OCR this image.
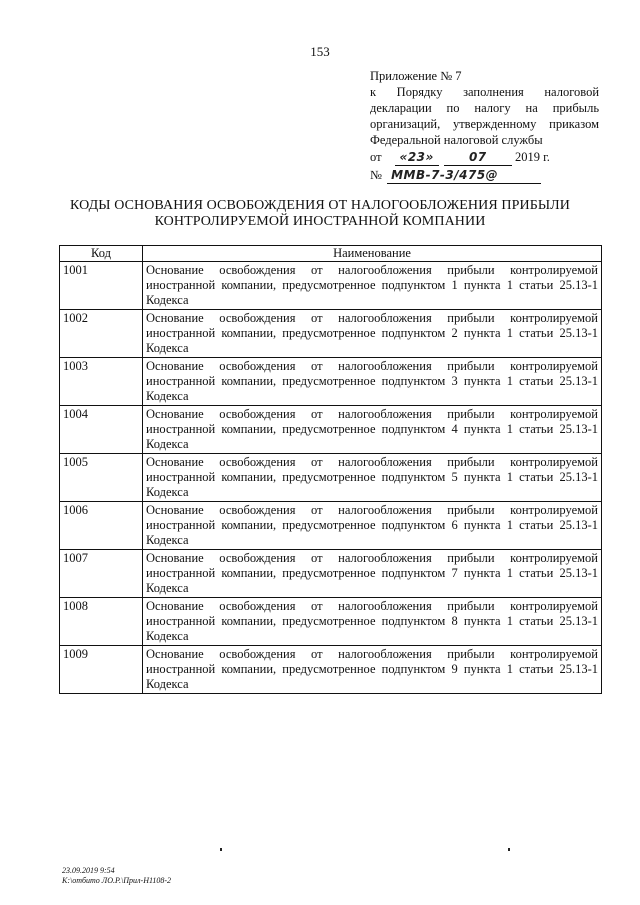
153
Приложение № 7
к Порядку заполнения налоговой
декларации по налогу на прибыль
организаций, утвержденному приказом
Федеральной налоговой службы
от «23»	07 2019 г.
№ ММВ-7-3/475@
КОДЫ ОСНОВАНИЯ ОСВОБОЖДЕНИЯ ОТ НАЛОГООБЛОЖЕНИЯ ПРИБЫЛИ
КОНТРОЛИРУЕМОЙ ИНОСТРАННОЙ КОМПАНИИ
Код	Наименование
1001	Основание освобождения от налогообложения прибыли контролируемой иностранной компании, предусмотренное подпунктом 1 пункта 1 статьи 25.13-1 Кодекса
1002	Основание освобождения от налогообложения прибыли контролируемой иностранной компании, предусмотренное подпунктом 2 пункта 1 статьи 25.13-1 Кодекса
1003	Основание освобождения от налогообложения прибыли контролируемой иностранной компании, предусмотренное подпунктом 3 пункта 1 статьи 25.13-1 Кодекса
1004	Основание освобождения от налогообложения прибыли контролируемой иностранной компании, предусмотренное подпунктом 4 пункта 1 статьи 25.13-1 Кодекса
1005	Основание освобождения от налогообложения прибыли контролируемой иностранной компании, предусмотренное подпунктом 5 пункта 1 статьи 25.13-1 Кодекса
1006	Основание освобождения от налогообложения прибыли контролируемой иностранной компании, предусмотренное подпунктом 6 пункта 1 статьи 25.13-1 Кодекса
1007	Основание освобождения от налогообложения прибыли контролируемой иностранной компании, предусмотренное подпунктом 7 пункта 1 статьи 25.13-1 Кодекса
1008	Основание освобождения от налогообложения прибыли контролируемой иностранной компании, предусмотренное подпунктом 8 пункта 1 статьи 25.13-1 Кодекса
1009	Основание освобождения от налогообложения прибыли контролируемой иностранной компании, предусмотренное подпунктом 9 пункта 1 статьи 25.13-1 Кодекса
23.09.2019 9:54
К:\отбито ЛО.Р.\Прил-Н1108-2
